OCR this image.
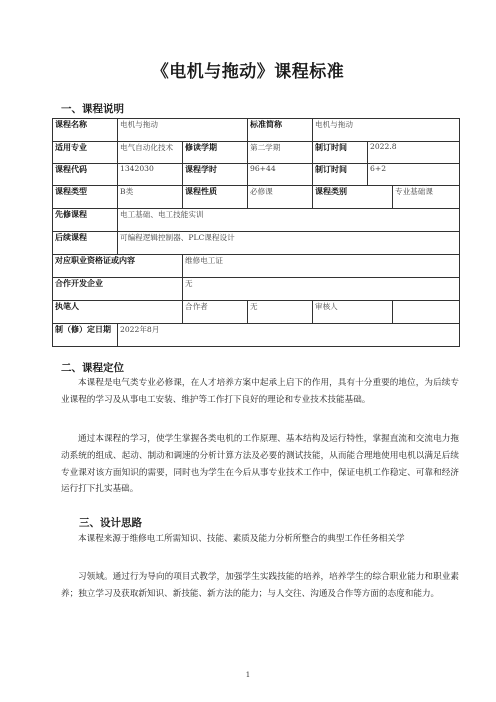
《电机与拖动》课程标准
一、课程说明
课程名称	电机与拖动		标准简称	电机与拖动		
适用专业	电气自动化技术	修读学期	第二学期	制订时间	2022.8	
课程代码	1342030	课程学时	96+44	制订时间	6+2	
课程类型	B类	课程性质	必修课	课程类别		专业基础课
先修课程	电工基础、电工技能实训					
后续课程	可编程逻辑控制器、PLC课程设计					
对应职业资格证或内容		维修电工证				
合作开发企业		无				
执笔人		合作者	无	审核人		
制（修）定日期	2022年8月					
二、课程定位
本课程是电气类专业必修课，在人才培养方案中起承上启下的作用，具有十分重要的地位，为后续专业课程的学习及从事电工安装、维护等工作打下良好的理论和专业技术技能基础。
通过本课程的学习，使学生掌握各类电机的工作原理、基本结构及运行特性，掌握直流和交流电力拖动系统的组成、起动、制动和调速的分析计算方法及必要的测试技能，从而能合理地使用电机以满足后续专业课对该方面知识的需要，同时也为学生在今后从事专业技术工作中，保证电机工作稳定、可靠和经济运行打下扎实基础。
三、设计思路
本课程来源于维修电工所需知识、技能、素质及能力分析所整合的典型工作任务相关学
习领域。通过行为导向的项目式教学，加强学生实践技能的培养，培养学生的综合职业能力和职业素养；独立学习及获取新知识、新技能、新方法的能力；与人交往、沟通及合作等方面的态度和能力。
1
